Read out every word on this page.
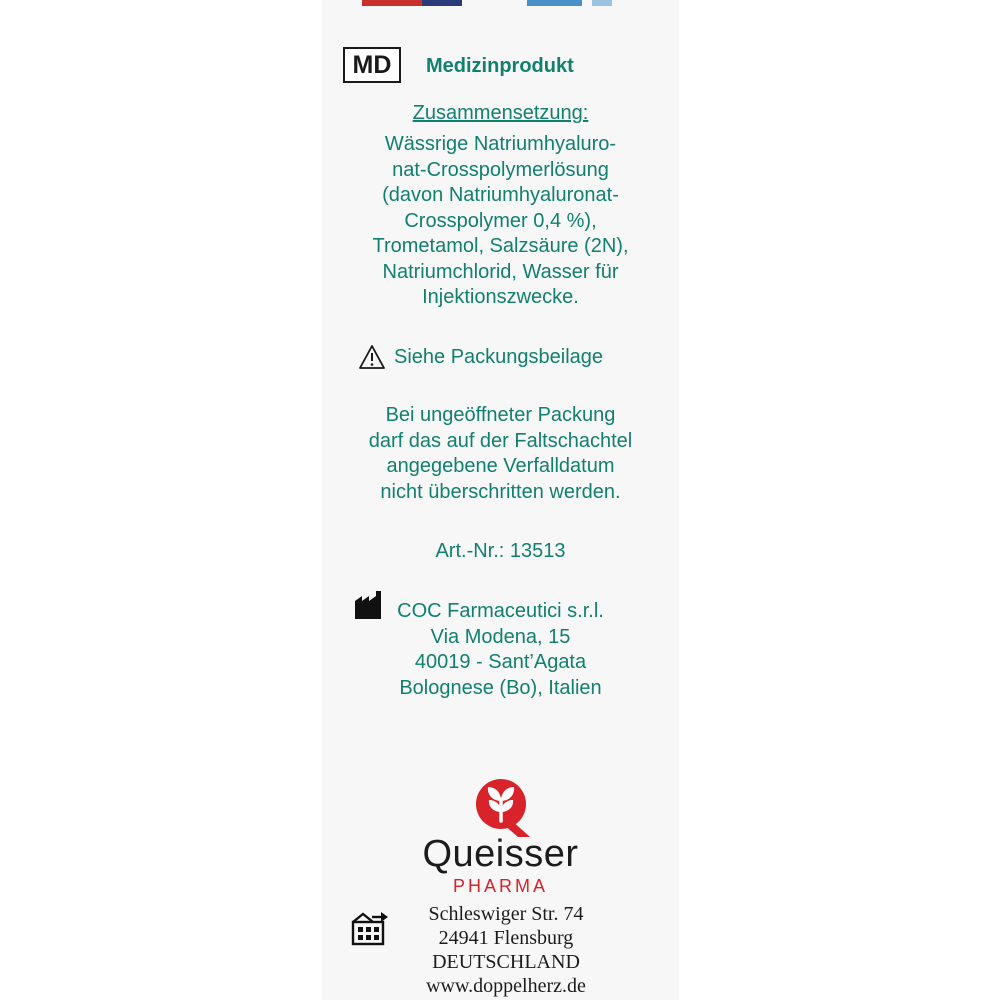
MD	Medizinprodukt
Zusammensetzung:
Wässrige Natriumhyaluro-
nat-Crosspolymerlösung
(davon Natriumhyaluronat-
Crosspolymer 0,4 %),
Trometamol, Salzsäure (2N),
Natriumchlorid, Wasser für
Injektionszwecke.
Siehe Packungsbeilage
Bei ungeöffneter Packung
darf das auf der Faltschachtel
angegebene Verfalldatum
nicht überschritten werden.
Art.-Nr.: 13513
COC Farmaceutici s.r.l.
Via Modena, 15
40019 - Sant’Agata
Bolognese (Bo), Italien
Queisser
PHARMA
Schleswiger Str. 74
24941 Flensburg
DEUTSCHLAND
www.doppelherz.de
